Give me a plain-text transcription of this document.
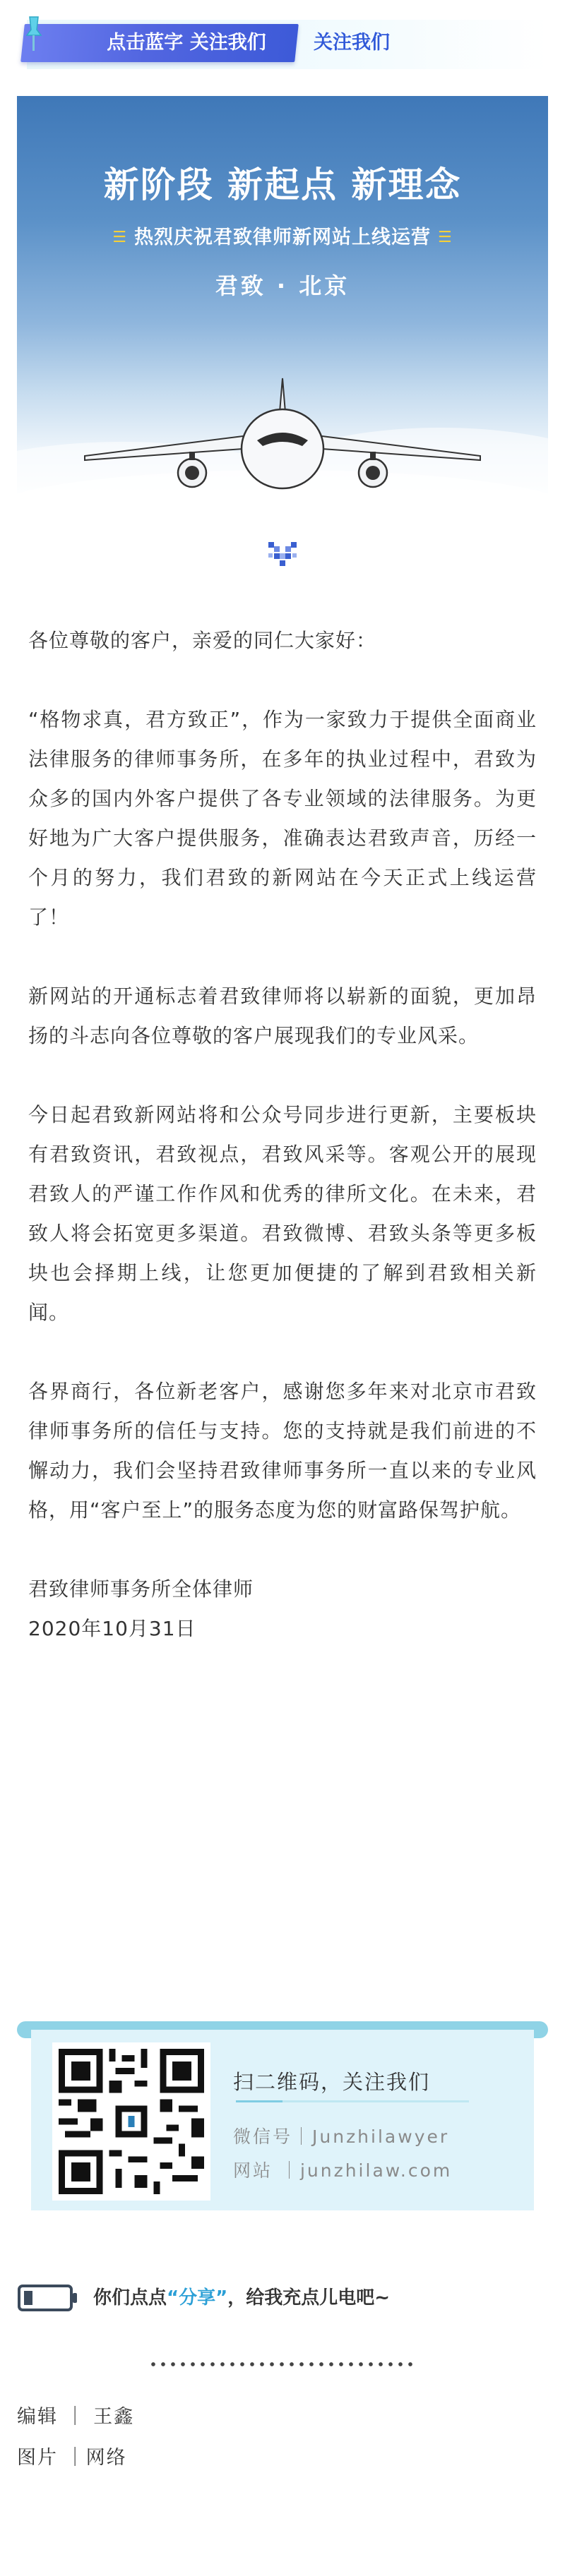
点击蓝字 关注我们	关注我们
新阶段 新起点 新理念
☰ 热烈庆祝君致律师新网站上线运营 ☰
君致 · 北京

各位尊敬的客户，亲爱的同仁大家好：

“格物求真，君方致正”，作为一家致力于提供全面商业法律服务的律师事务所，在多年的执业过程中，君致为众多的国内外客户提供了各专业领域的法律服务。为更好地为广大客户提供服务，准确表达君致声音，历经一个月的努力，我们君致的新网站在今天正式上线运营了！

新网站的开通标志着君致律师将以崭新的面貌，更加昂扬的斗志向各位尊敬的客户展现我们的专业风采。

今日起君致新网站将和公众号同步进行更新，主要板块有君致资讯，君致视点，君致风采等。客观公开的展现君致人的严谨工作作风和优秀的律所文化。在未来，君致人将会拓宽更多渠道。君致微博、君致头条等更多板块也会择期上线，让您更加便捷的了解到君致相关新闻。

各界商行，各位新老客户，感谢您多年来对北京市君致律师事务所的信任与支持。您的支持就是我们前进的不懈动力，我们会坚持君致律师事务所一直以来的专业风格，用“客户至上”的服务态度为您的财富路保驾护航。

君致律师事务所全体律师

2020年10月31日

扫二维码，关注我们
微信号｜Junzhilawyer
网站 ｜junzhilaw.com
你们点点“分享”，给我充点儿电吧~
编辑 ｜ 王鑫
图片 ｜网络
